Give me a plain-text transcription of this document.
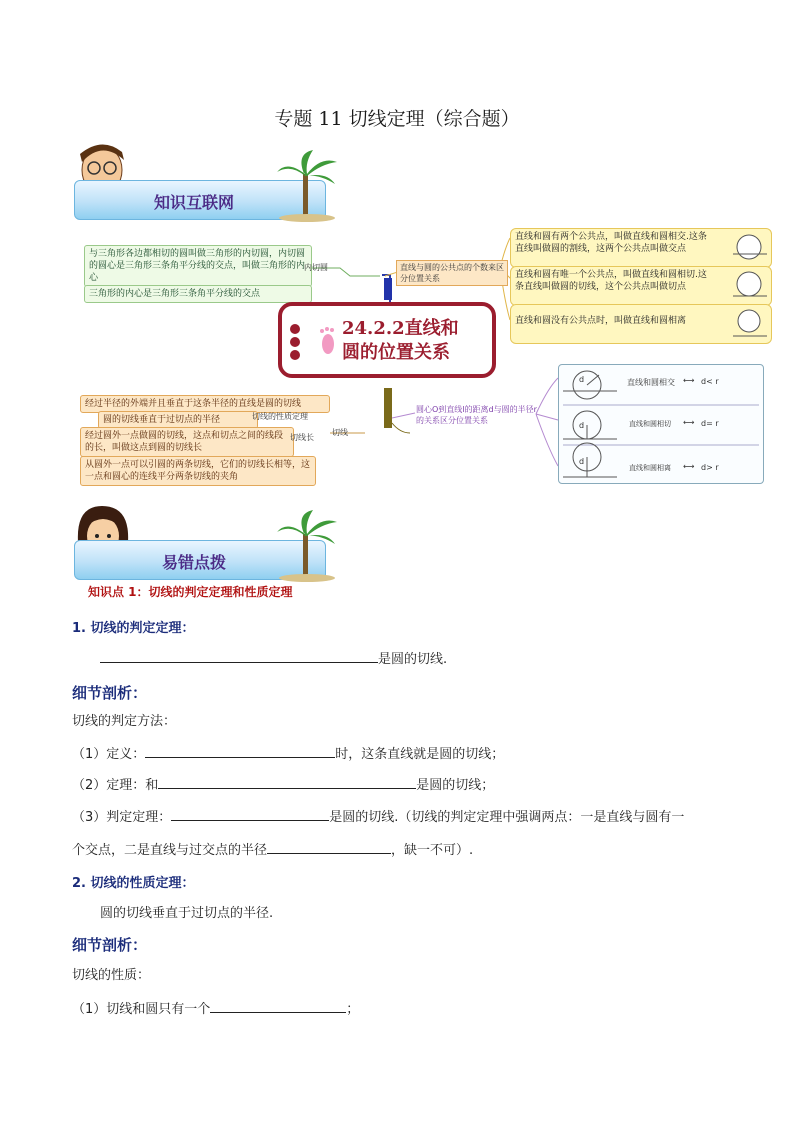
专题 11 切线定理（综合题）
知识互联网
与三角形各边都相切的圆叫做三角形的内切圆，内切圆的圆心是三角形三条角平分线的交点，叫做三角形的内心
三角形的内心是三角形三条角平分线的交点
内切圆	直线与圆的公共点的个数来区分位置关系
直线和圆有两个公共点，叫做直线和圆相交.这条直线叫做圆的割线，这两个公共点叫做交点
直线和圆有唯一个公共点，叫做直线和圆相切.这条直线叫做圆的切线，这个公共点叫做切点
直线和圆没有公共点时，叫做直线和圆相离
24.2.2直线和
圆的位置关系
经过半径的外端并且垂直于这条半径的直线是圆的切线
圆的切线垂直于过切点的半径	切线的性质定理
经过圆外一点做圆的切线，这点和切点之间的线段的长，叫做这点到圆的切线长
切线长
切线
从圆外一点可以引圆的两条切线，它们的切线长相等，这一点和圆心的连线平分两条切线的夹角
圆心O到直线l的距离d与圆的半径r的关系区分位置关系
d
d
d
直线和圆相交 ⟷ d< r
直线和圆相切 ⟷ d= r
直线和圆相离 ⟷ d> r
易错点拨
知识点 1：切线的判定定理和性质定理
1. 切线的判定定理：
是圆的切线.
细节剖析：
切线的判定方法：
（1）定义：	时，这条直线就是圆的切线；
（2）定理：和	是圆的切线；
（3）判定定理：	是圆的切线.（切线的判定定理中强调两点：一是直线与圆有一
个交点，二是直线与过交点的半径	，缺一不可）.
2. 切线的性质定理：
圆的切线垂直于过切点的半径.
细节剖析：
切线的性质：
（1）切线和圆只有一个	；
